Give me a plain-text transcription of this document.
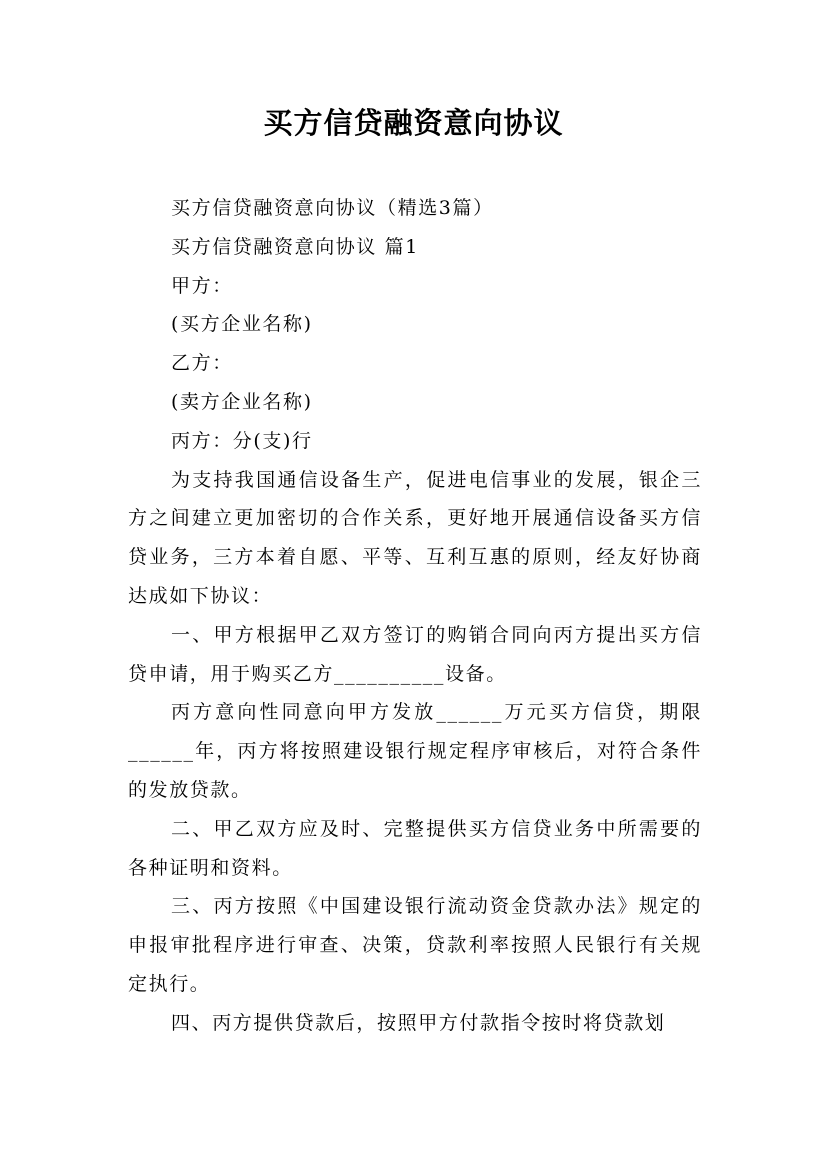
买方信贷融资意向协议

买方信贷融资意向协议（精选3篇）

买方信贷融资意向协议 篇1

甲方：

(买方企业名称)

乙方：

(卖方企业名称)

丙方：分(支)行

为支持我国通信设备生产，促进电信事业的发展，银企三方之间建立更加密切的合作关系，更好地开展通信设备买方信贷业务，三方本着自愿、平等、互利互惠的原则，经友好协商达成如下协议：

一、甲方根据甲乙双方签订的购销合同向丙方提出买方信贷申请，用于购买乙方__________设备。

丙方意向性同意向甲方发放______万元买方信贷，期限______年，丙方将按照建设银行规定程序审核后，对符合条件的发放贷款。

二、甲乙双方应及时、完整提供买方信贷业务中所需要的各种证明和资料。

三、丙方按照《中国建设银行流动资金贷款办法》规定的申报审批程序进行审查、决策，贷款利率按照人民银行有关规定执行。

四、丙方提供贷款后，按照甲方付款指令按时将贷款划
